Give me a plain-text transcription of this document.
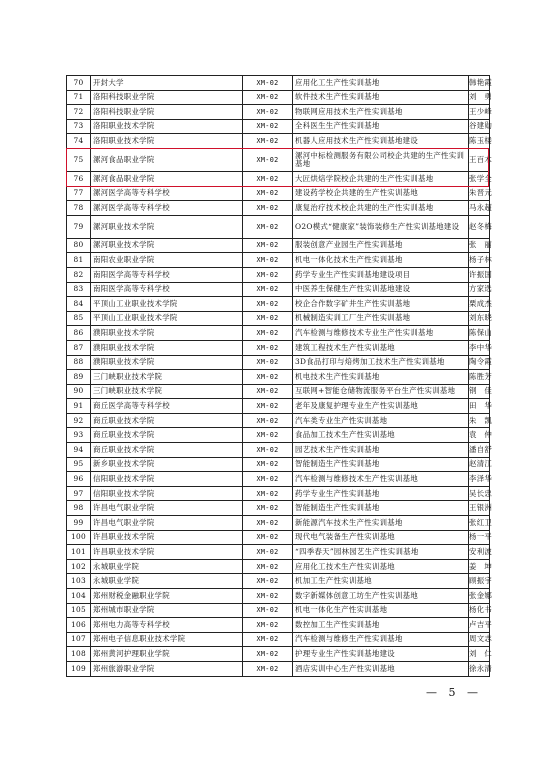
70	开封大学	XM-02	应用化工生产性实训基地	韩艳霞
71	洛阳科技职业学院	XM-02	软件技术生产性实训基地	刘　勇
72	洛阳科技职业学院	XM-02	物联网应用技术生产性实训基地	王少峰
73	洛阳职业技术学院	XM-02	全科医生生产性实训基地	谷建勋
74	洛阳职业技术学院	XM-02	机器人应用技术生产性实训基地建设	陈玉楼
75	漯河食品职业学院	XM-02	漯河中标检测服务有限公司校企共建的生产性实训基地	王百木
76	漯河食品职业学院	XM-02	大匠烘焙学院校企共建的生产性实训基地	张学全
77	漯河医学高等专科学校	XM-02	建设药学校企共建的生产性实训基地	朱晋元
78	漯河医学高等专科学校	XM-02	康复治疗技术校企共建的生产性实训基地	马永超
79	漯河职业技术学院	XM-02	O2O模式“健康家”装饰装修生产性实训基地建设	赵冬梅
80	漯河职业技术学院	XM-02	服装创意产业园生产性实训基地	张　丽
81	南阳农业职业学院	XM-02	机电一体化技术生产性实训基地	杨子林
82	南阳医学高等专科学校	XM-02	药学专业生产性实训基地建设项目	许振国
83	南阳医学高等专科学校	XM-02	中医养生保健生产性实训基地建设	方家选
84	平顶山工业职业技术学院	XM-02	校企合作数字矿井生产性实训基地	栗成杰
85	平顶山工业职业技术学院	XM-02	机械制造实训工厂生产性实训基地	刘东晓
86	濮阳职业技术学院	XM-02	汽车检测与维修技术专业生产性实训基地	陈保山
87	濮阳职业技术学院	XM-02	建筑工程技术生产性实训基地	李中华
88	濮阳职业技术学院	XM-02	3D食品打印与焙烤加工技术生产性实训基地	陶令霞
89	三门峡职业技术学院	XM-02	机电技术生产性实训基地	陈胜芳
90	三门峡职业技术学院	XM-02	互联网+智能仓储物流服务平台生产性实训基地	钢　佳
91	商丘医学高等专科学校	XM-02	老年及康复护理专业生产性实训基地	田　华
92	商丘职业技术学院	XM-02	汽车类专业生产性实训基地	朱　凯
93	商丘职业技术学院	XM-02	食品加工技术生产性实训基地	袁　仲
94	商丘职业技术学院	XM-02	园艺技术生产性实训基地	潘自舒
95	新乡职业技术学院	XM-02	智能制造生产性实训基地	赵清江
96	信阳职业技术学院	XM-02	汽车检测与维修技术生产性实训基地	李泽华
97	信阳职业技术学院	XM-02	药学专业生产性实训基地	吴长忠
98	许昌电气职业学院	XM-02	智能制造生产性实训基地	王银洲
99	许昌电气职业学院	XM-02	新能源汽车技术生产性实训基地	张红卫
100	许昌职业技术学院	XM-02	现代电气装备生产性实训基地	杨一平
101	许昌职业技术学院	XM-02	“四季春天”园林园艺生产性实训基地	安利波
102	永城职业学院	XM-02	应用化工技术生产性实训基地	姜　坤
103	永城职业学院	XM-02	机加工生产性实训基地	顾振宇
104	郑州财税金融职业学院	XM-02	数字新媒体创意工坊生产性实训基地	张金娜
105	郑州城市职业学院	XM-02	机电一体化生产性实训基地	杨化书
106	郑州电力高等专科学校	XM-02	数控加工生产性实训基地	卢吉平
107	郑州电子信息职业技术学院	XM-02	汽车检测与维修生产性实训基地	周文志
108	郑州黄河护理职业学院	XM-02	护理专业生产性实训基地建设	刘　仁
109	郑州旅游职业学院	XM-02	酒店实训中心生产性实训基地	徐永清
— 5 —
